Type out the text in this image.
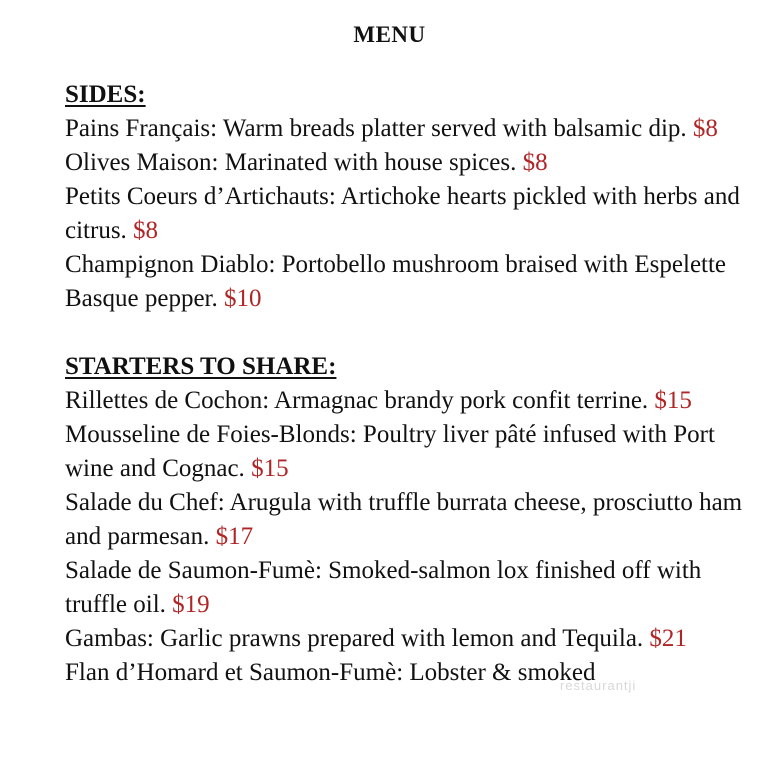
MENU
SIDES:

Pains Français: Warm breads platter served with balsamic dip. $8

Olives Maison: Marinated with house spices. $8

Petits Coeurs d’Artichauts: Artichoke hearts pickled with herbs and citrus. $8

Champignon Diablo: Portobello mushroom braised with Espelette Basque pepper. $10

STARTERS TO SHARE:

Rillettes de Cochon: Armagnac brandy pork confit terrine. $15

Mousseline de Foies-Blonds: Poultry liver pâté infused with Port wine and Cognac. $15

Salade du Chef: Arugula with truffle burrata cheese, prosciutto ham and parmesan. $17

Salade de Saumon-Fumè: Smoked-salmon lox finished off with truffle oil. $19

Gambas: Garlic prawns prepared with lemon and Tequila. $21

Flan d’Homard et Saumon-Fumè: Lobster & smoked

restaurantji
